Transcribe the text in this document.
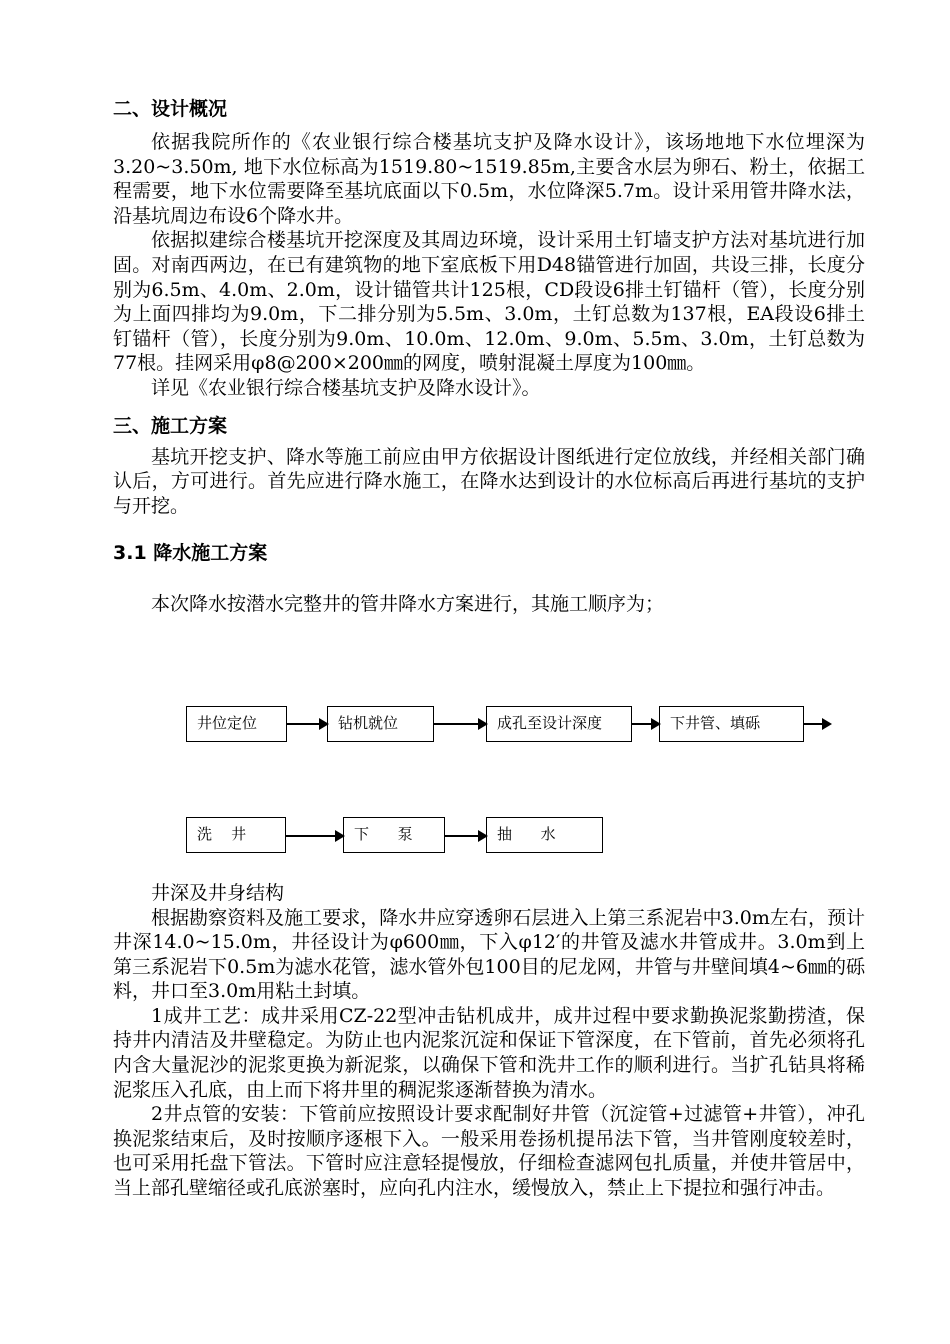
二、设计概况

依据我院所作的《农业银行综合楼基坑支护及降水设计》，该场地地下水位埋深为3.20~3.50m, 地下水位标高为1519.80~1519.85m,主要含水层为卵石、粉土，依据工程需要，地下水位需要降至基坑底面以下0.5m，水位降深5.7m。设计采用管井降水法，沿基坑周边布设6个降水井。

依据拟建综合楼基坑开挖深度及其周边环境，设计采用土钉墙支护方法对基坑进行加固。对南西两边，在已有建筑物的地下室底板下用D48锚管进行加固，共设三排，长度分别为6.5m、4.0m、2.0m，设计锚管共计125根，CD段设6排土钉锚杆（管），长度分别为上面四排均为9.0m，下二排分别为5.5m、3.0m，土钉总数为137根，EA段设6排土钉锚杆（管），长度分别为9.0m、10.0m、12.0m、9.0m、5.5m、3.0m，土钉总数为77根。挂网采用φ8@200×200㎜的网度，喷射混凝土厚度为100㎜。

详见《农业银行综合楼基坑支护及降水设计》。

三、施工方案

基坑开挖支护、降水等施工前应由甲方依据设计图纸进行定位放线，并经相关部门确认后，方可进行。首先应进行降水施工，在降水达到设计的水位标高后再进行基坑的支护与开挖。

3.1 降水施工方案

本次降水按潜水完整井的管井降水方案进行，其施工顺序为；

井位定位	钻机就位	成孔至设计深度	下井管、填砾
洗    井	下      泵	抽      水

井深及井身结构

根据勘察资料及施工要求，降水井应穿透卵石层进入上第三系泥岩中3.0m左右，预计井深14.0~15.0m，井径设计为φ600㎜，下入φ12′的井管及滤水井管成井。3.0m到上第三系泥岩下0.5m为滤水花管，滤水管外包100目的尼龙网，井管与井壁间填4~6㎜的砾料，井口至3.0m用粘土封填。

1成井工艺：成井采用CZ-22型冲击钻机成井，成井过程中要求勤换泥浆勤捞渣，保持井内清洁及井壁稳定。为防止也内泥浆沉淀和保证下管深度，在下管前，首先必须将孔内含大量泥沙的泥浆更换为新泥浆，以确保下管和洗井工作的顺利进行。当扩孔钻具将稀泥浆压入孔底，由上而下将井里的稠泥浆逐渐替换为清水。

2井点管的安装：下管前应按照设计要求配制好井管（沉淀管+过滤管+井管），冲孔换泥浆结束后，及时按顺序逐根下入。一般采用卷扬机提吊法下管，当井管刚度较差时，也可采用托盘下管法。下管时应注意轻提慢放，仔细检查滤网包扎质量，并使井管居中，当上部孔壁缩径或孔底淤塞时，应向孔内注水，缓慢放入，禁止上下提拉和强行冲击。
